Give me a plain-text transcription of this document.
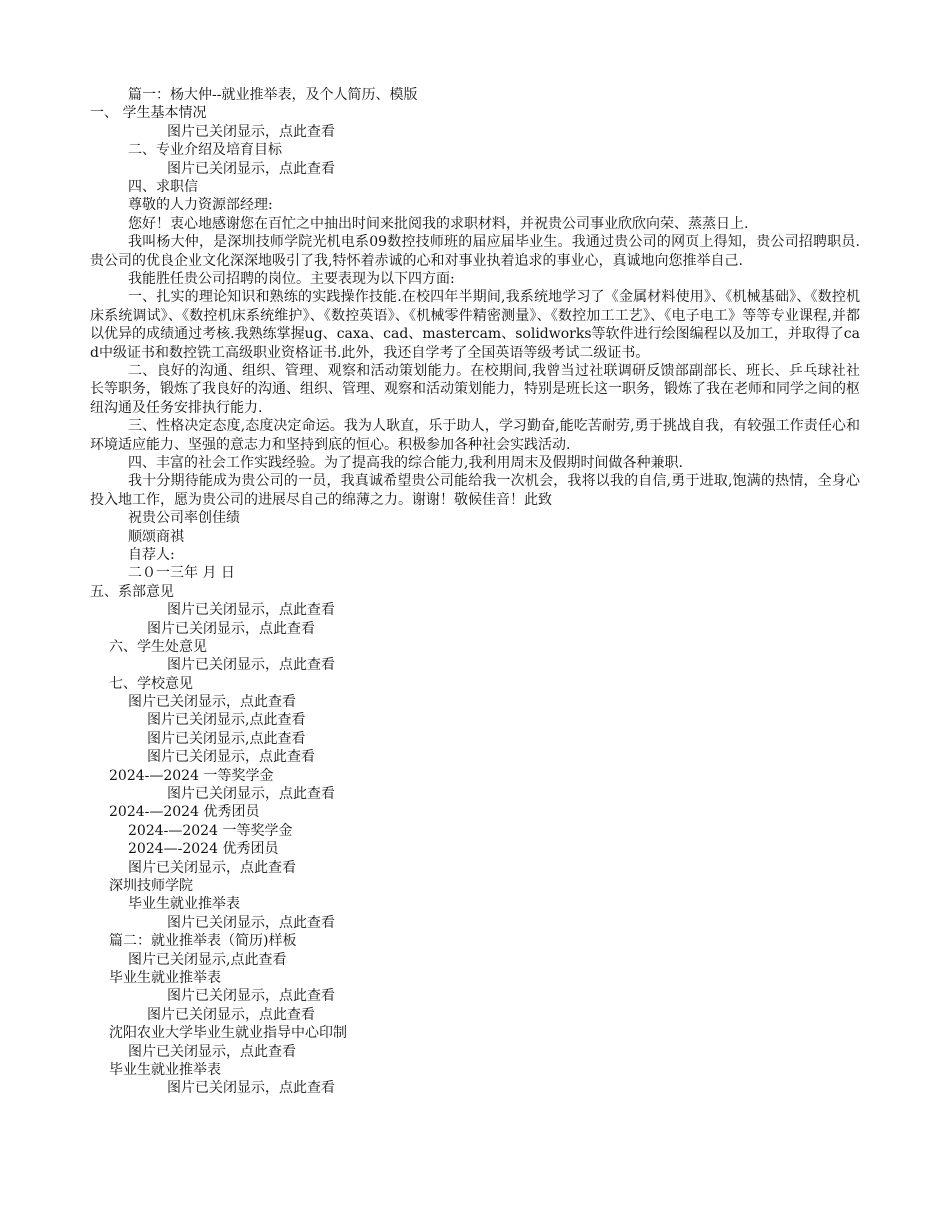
篇一：杨大仲--就业推举表，及个人简历、模版
一、 学生基本情况
图片已关闭显示，点此查看
二、专业介绍及培育目标
图片已关闭显示，点此查看
四、求职信
尊敬的人力资源部经理:
您好！衷心地感谢您在百忙之中抽出时间来批阅我的求职材料，并祝贵公司事业欣欣向荣、蒸蒸日上.
我叫杨大仲，是深圳技师学院光机电系09数控技师班的届应届毕业生。我通过贵公司的网页上得知，贵公司招聘职员.贵公司的优良企业文化深深地吸引了我,特怀着赤诚的心和对事业执着追求的事业心，真诚地向您推举自己.
我能胜任贵公司招聘的岗位。主要表现为以下四方面:
一、扎实的理论知识和熟练的实践操作技能.在校四年半期间,我系统地学习了《金属材料使用》、《机械基础》、《数控机床系统调试》、《数控机床系统维护》、《数控英语》、《机械零件精密测量》、《数控加工工艺》、《电子电工》等等专业课程,并都以优异的成绩通过考核.我熟练掌握ug、caxa、cad、mastercam、solidworks等软件进行绘图编程以及加工，并取得了cad中级证书和数控铣工高级职业资格证书.此外，我还自学考了全国英语等级考试二级证书。
二、良好的沟通、组织、管理、观察和活动策划能力。在校期间,我曾当过社联调研反馈部副部长、班长、乒乓球社社长等职务，锻炼了我良好的沟通、组织、管理、观察和活动策划能力，特别是班长这一职务，锻炼了我在老师和同学之间的枢纽沟通及任务安排执行能力.
三、性格决定态度,态度决定命运。我为人耿直，乐于助人，学习勤奋,能吃苦耐劳,勇于挑战自我，有较强工作责任心和环境适应能力、坚强的意志力和坚持到底的恒心。积极参加各种社会实践活动.
四、丰富的社会工作实践经验。为了提高我的综合能力,我利用周末及假期时间做各种兼职.
我十分期待能成为贵公司的一员，我真诚希望贵公司能给我一次机会，我将以我的自信,勇于进取,饱满的热情，全身心投入地工作，愿为贵公司的进展尽自己的绵薄之力。谢谢！敬候佳音！此致
祝贵公司率创佳绩
顺颂商祺
自荐人:
二０一三年 月 日
五、系部意见
图片已关闭显示，点此查看
图片已关闭显示，点此查看
六、学生处意见
图片已关闭显示，点此查看
七、学校意见
图片已关闭显示，点此查看
图片已关闭显示,点此查看
图片已关闭显示,点此查看
图片已关闭显示，点此查看
2024-—2024 一等奖学金
图片已关闭显示，点此查看
2024-—2024 优秀团员
2024-—2024 一等奖学金
2024—-2024 优秀团员
图片已关闭显示，点此查看
深圳技师学院
毕业生就业推举表
图片已关闭显示，点此查看
篇二：就业推举表（简历)样板
图片已关闭显示,点此查看
毕业生就业推举表
图片已关闭显示，点此查看
图片已关闭显示，点此查看
沈阳农业大学毕业生就业指导中心印制
图片已关闭显示，点此查看
毕业生就业推举表
图片已关闭显示，点此查看
